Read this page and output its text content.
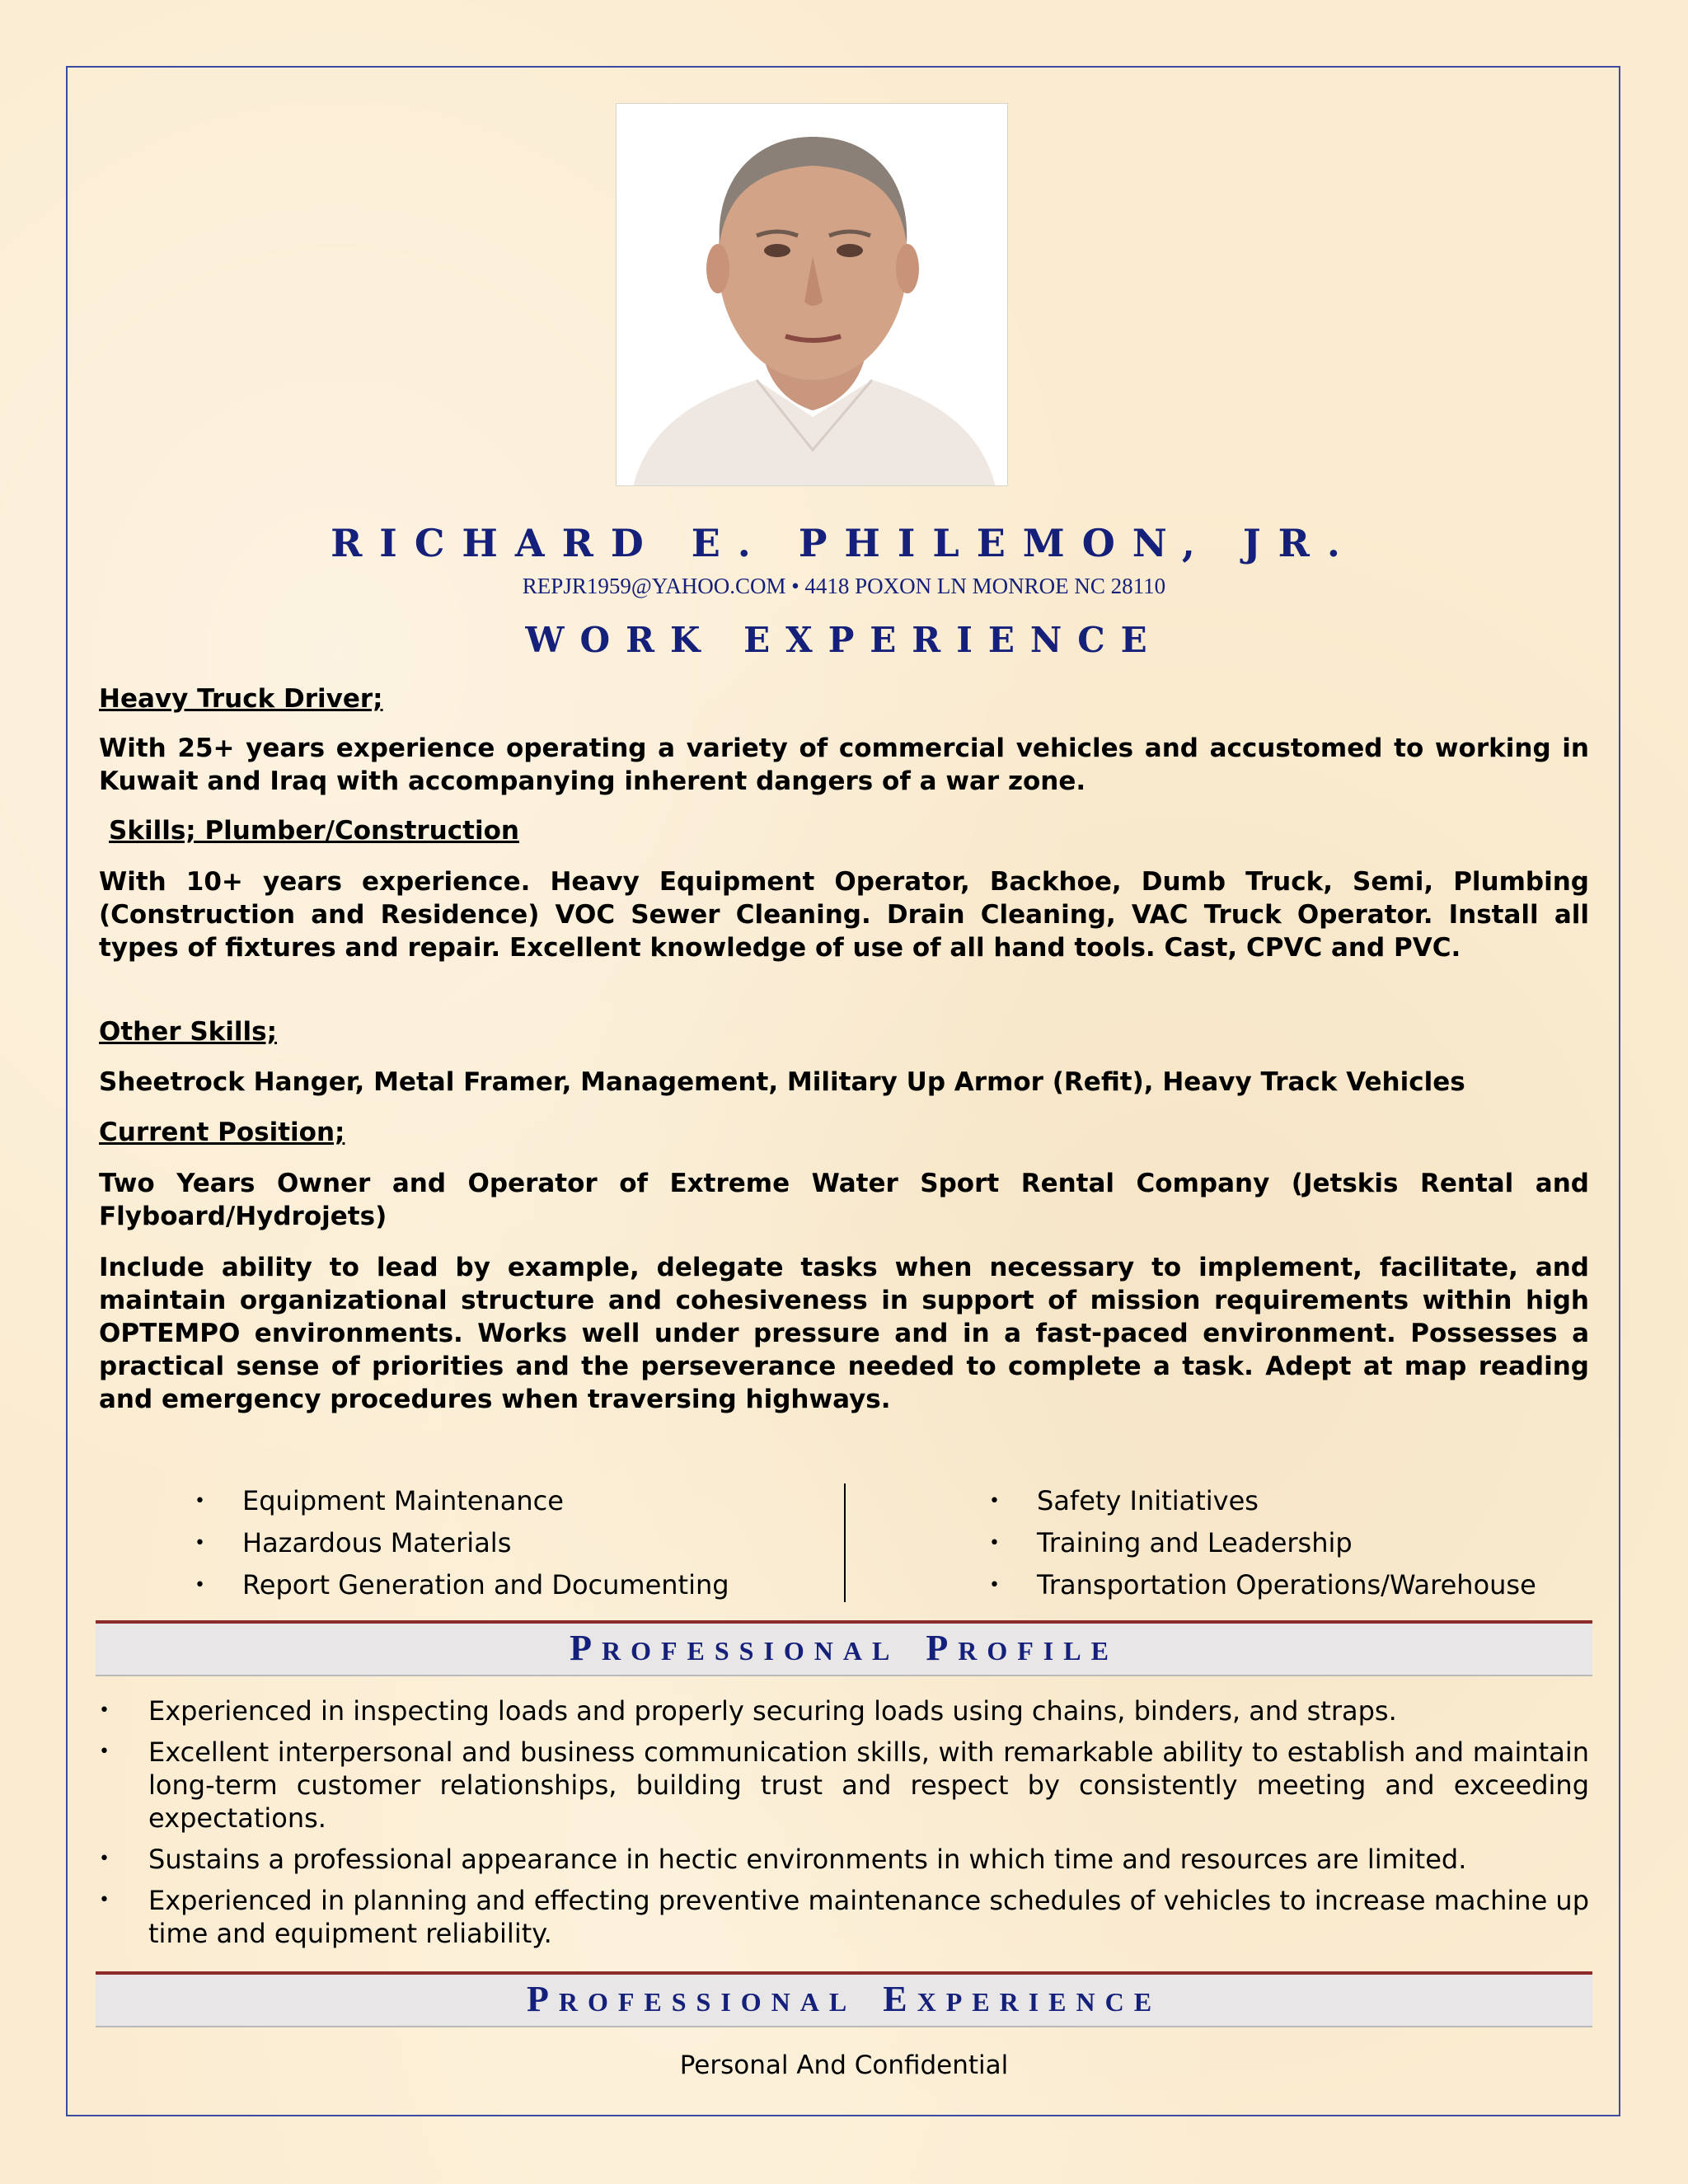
RICHARD E. PHILEMON, JR.
REPJR1959@YAHOO.COM • 4418 POXON LN MONROE NC 28110
WORK EXPERIENCE
Heavy Truck Driver;
With 25+ years experience operating a variety of commercial vehicles and accustomed to working in Kuwait and Iraq with accompanying inherent dangers of a war zone.
Skills; Plumber/Construction
With 10+ years experience. Heavy Equipment Operator, Backhoe, Dumb Truck, Semi, Plumbing (Construction and Residence) VOC Sewer Cleaning. Drain Cleaning, VAC Truck Operator. Install all types of fixtures and repair. Excellent knowledge of use of all hand tools. Cast, CPVC and PVC.
Other Skills;
Sheetrock Hanger, Metal Framer, Management, Military Up Armor (Refit), Heavy Track Vehicles
Current Position;
Two Years Owner and Operator of Extreme Water Sport Rental Company (Jetskis Rental and Flyboard/Hydrojets)
Include ability to lead by example, delegate tasks when necessary to implement, facilitate, and maintain organizational structure and cohesiveness in support of mission requirements within high OPTEMPO environments. Works well under pressure and in a fast-paced environment. Possesses a practical sense of priorities and the perseverance needed to complete a task. Adept at map reading and emergency procedures when traversing highways.
• Equipment Maintenance
• Hazardous Materials
• Report Generation and Documenting
• Safety Initiatives
• Training and Leadership
• Transportation Operations/Warehouse
PROFESSIONAL PROFILE
• Experienced in inspecting loads and properly securing loads using chains, binders, and straps.
• Excellent interpersonal and business communication skills, with remarkable ability to establish and maintain long-term customer relationships, building trust and respect by consistently meeting and exceeding expectations.
• Sustains a professional appearance in hectic environments in which time and resources are limited.
• Experienced in planning and effecting preventive maintenance schedules of vehicles to increase machine up time and equipment reliability.
PROFESSIONAL EXPERIENCE
Personal And Confidential
